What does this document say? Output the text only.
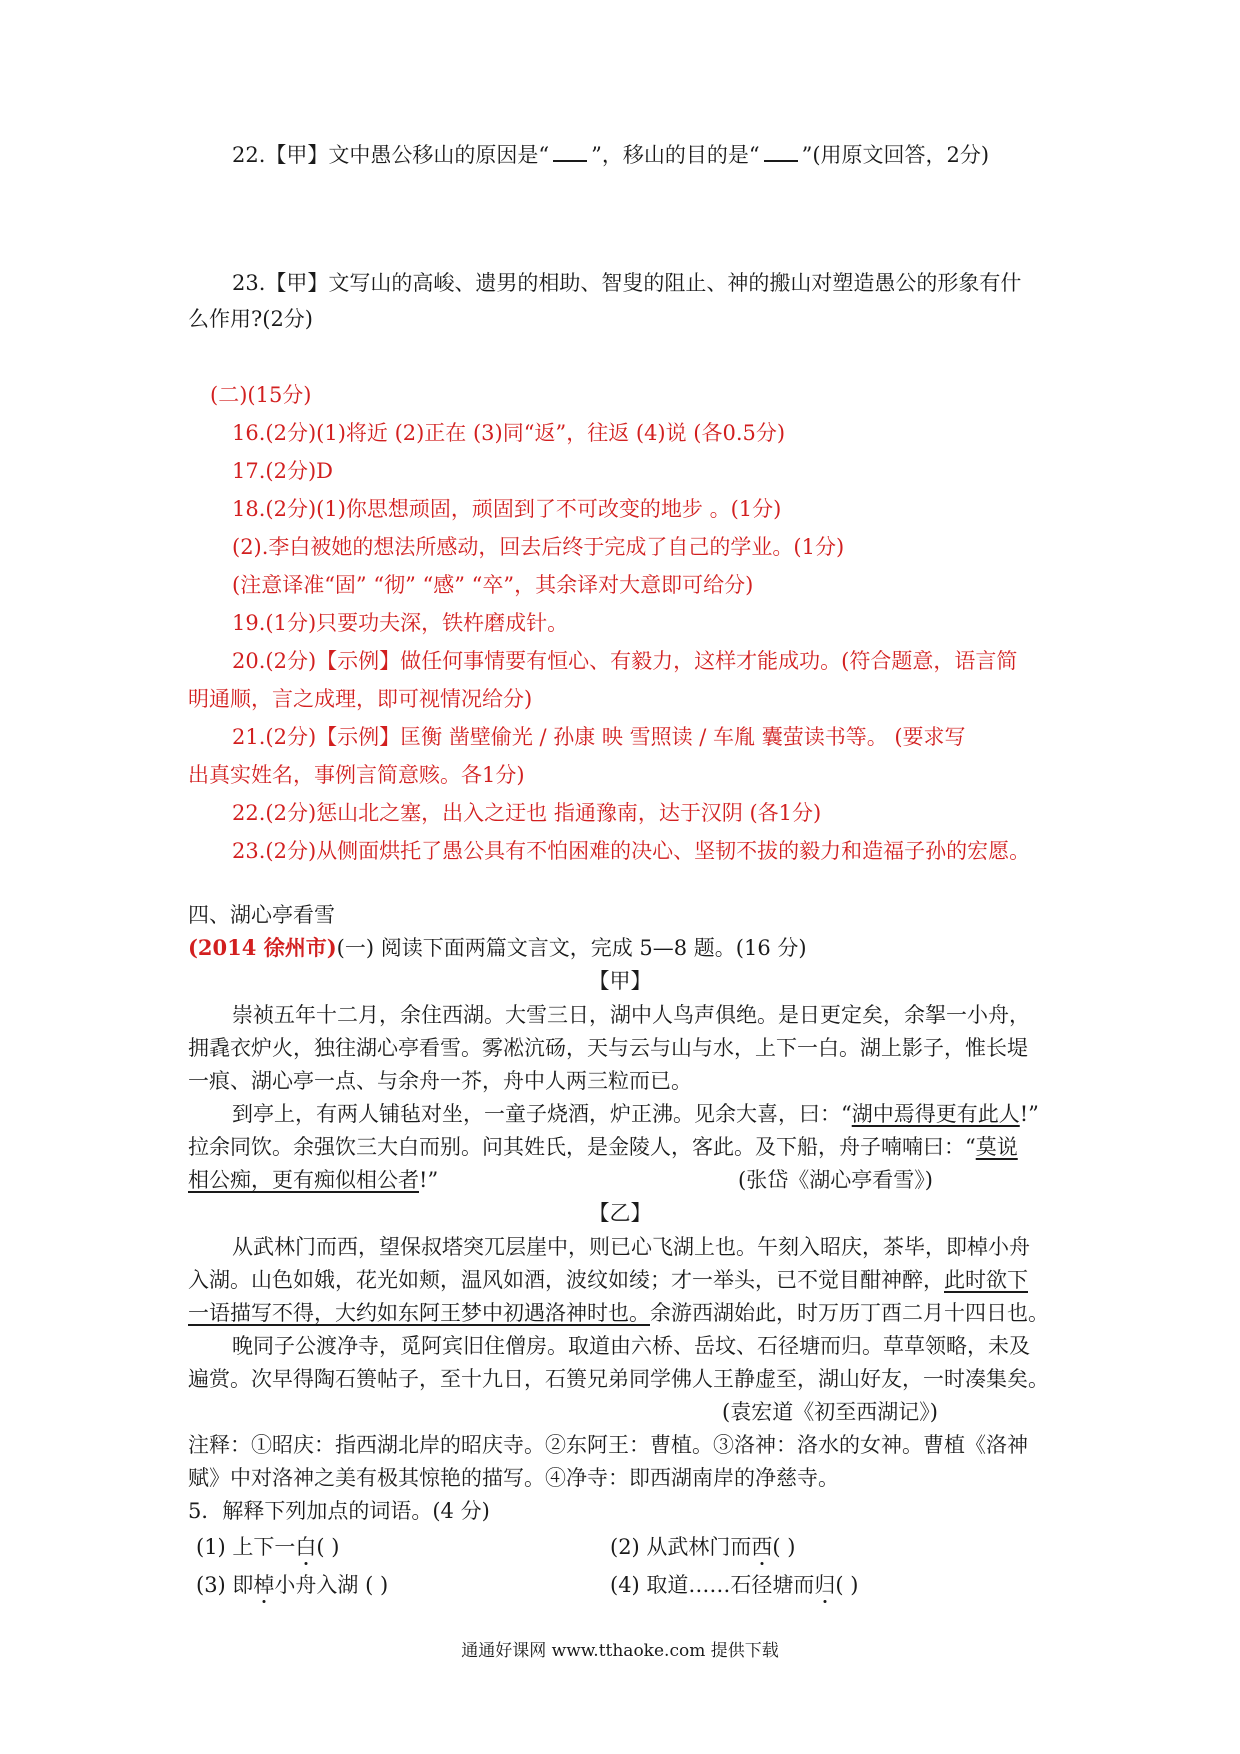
22.【甲】文中愚公移山的原因是“ ”，移山的目的是“ ”(用原文回答，2分)
23.【甲】文写山的高峻、遗男的相助、智叟的阻止、神的搬山对塑造愚公的形象有什
么作用?(2分)
(二)(15分)
16.(2分)(1)将近 (2)正在 (3)同“返”，往返 (4)说 (各0.5分)
17.(2分)D
18.(2分)(1)你思想顽固，顽固到了不可改变的地步 。(1分)
(2).李白被她的想法所感动，回去后终于完成了自己的学业。(1分)
(注意译准“固” “彻” “感” “卒”，其余译对大意即可给分)
19.(1分)只要功夫深，铁杵磨成针。
20.(2分)【示例】做任何事情要有恒心、有毅力，这样才能成功。(符合题意，语言简
明通顺，言之成理，即可视情况给分)
21.(2分)【示例】匡衡 凿壁偷光 / 孙康 映 雪照读 / 车胤 囊萤读书等。 (要求写
出真实姓名，事例言简意赅。各1分)
22.(2分)惩山北之塞，出入之迂也 指通豫南，达于汉阴 (各1分)
23.(2分)从侧面烘托了愚公具有不怕困难的决心、坚韧不拔的毅力和造福子孙的宏愿。
四、湖心亭看雪
(2014 徐州市)(一) 阅读下面两篇文言文，完成 5—8 题。(16 分)
【甲】
崇祯五年十二月，余住西湖。大雪三日，湖中人鸟声俱绝。是日更定矣，余挐一小舟，
拥毳衣炉火，独往湖心亭看雪。雾凇沆砀，天与云与山与水，上下一白。湖上影子，惟长堤
一痕、湖心亭一点、与余舟一芥，舟中人两三粒而已。
到亭上，有两人铺毡对坐，一童子烧酒，炉正沸。见余大喜，曰：“湖中焉得更有此人!”
拉余同饮。余强饮三大白而别。问其姓氏，是金陵人，客此。及下船，舟子喃喃曰：“莫说
相公痴，更有痴似相公者!”	(张岱《湖心亭看雪》)
【乙】
从武林门而西，望保叔塔突兀层崖中，则已心飞湖上也。午刻入昭庆，茶毕，即棹小舟
入湖。山色如娥，花光如颊，温风如酒，波纹如绫；才一举头，已不觉目酣神醉，此时欲下
一语描写不得，大约如东阿王梦中初遇洛神时也。余游西湖始此，时万历丁酉二月十四日也。
晚同子公渡净寺，觅阿宾旧住僧房。取道由六桥、岳坟、石径塘而归。草草领略，未及
遍赏。次早得陶石篑帖子，至十九日，石篑兄弟同学佛人王静虚至，湖山好友，一时凑集矣。
(袁宏道《初至西湖记》)
注释：①昭庆：指西湖北岸的昭庆寺。②东阿王：曹植。③洛神：洛水的女神。曹植《洛神
赋》中对洛神之美有极其惊艳的描写。④净寺：即西湖南岸的净慈寺。
5．解释下列加点的词语。(4 分)
(1) 上下一白( )	(2) 从武林门而西( )
(3) 即棹小舟入湖 ( )	(4) 取道……石径塘而归( )
通通好课网 www.tthaoke.com 提供下载
